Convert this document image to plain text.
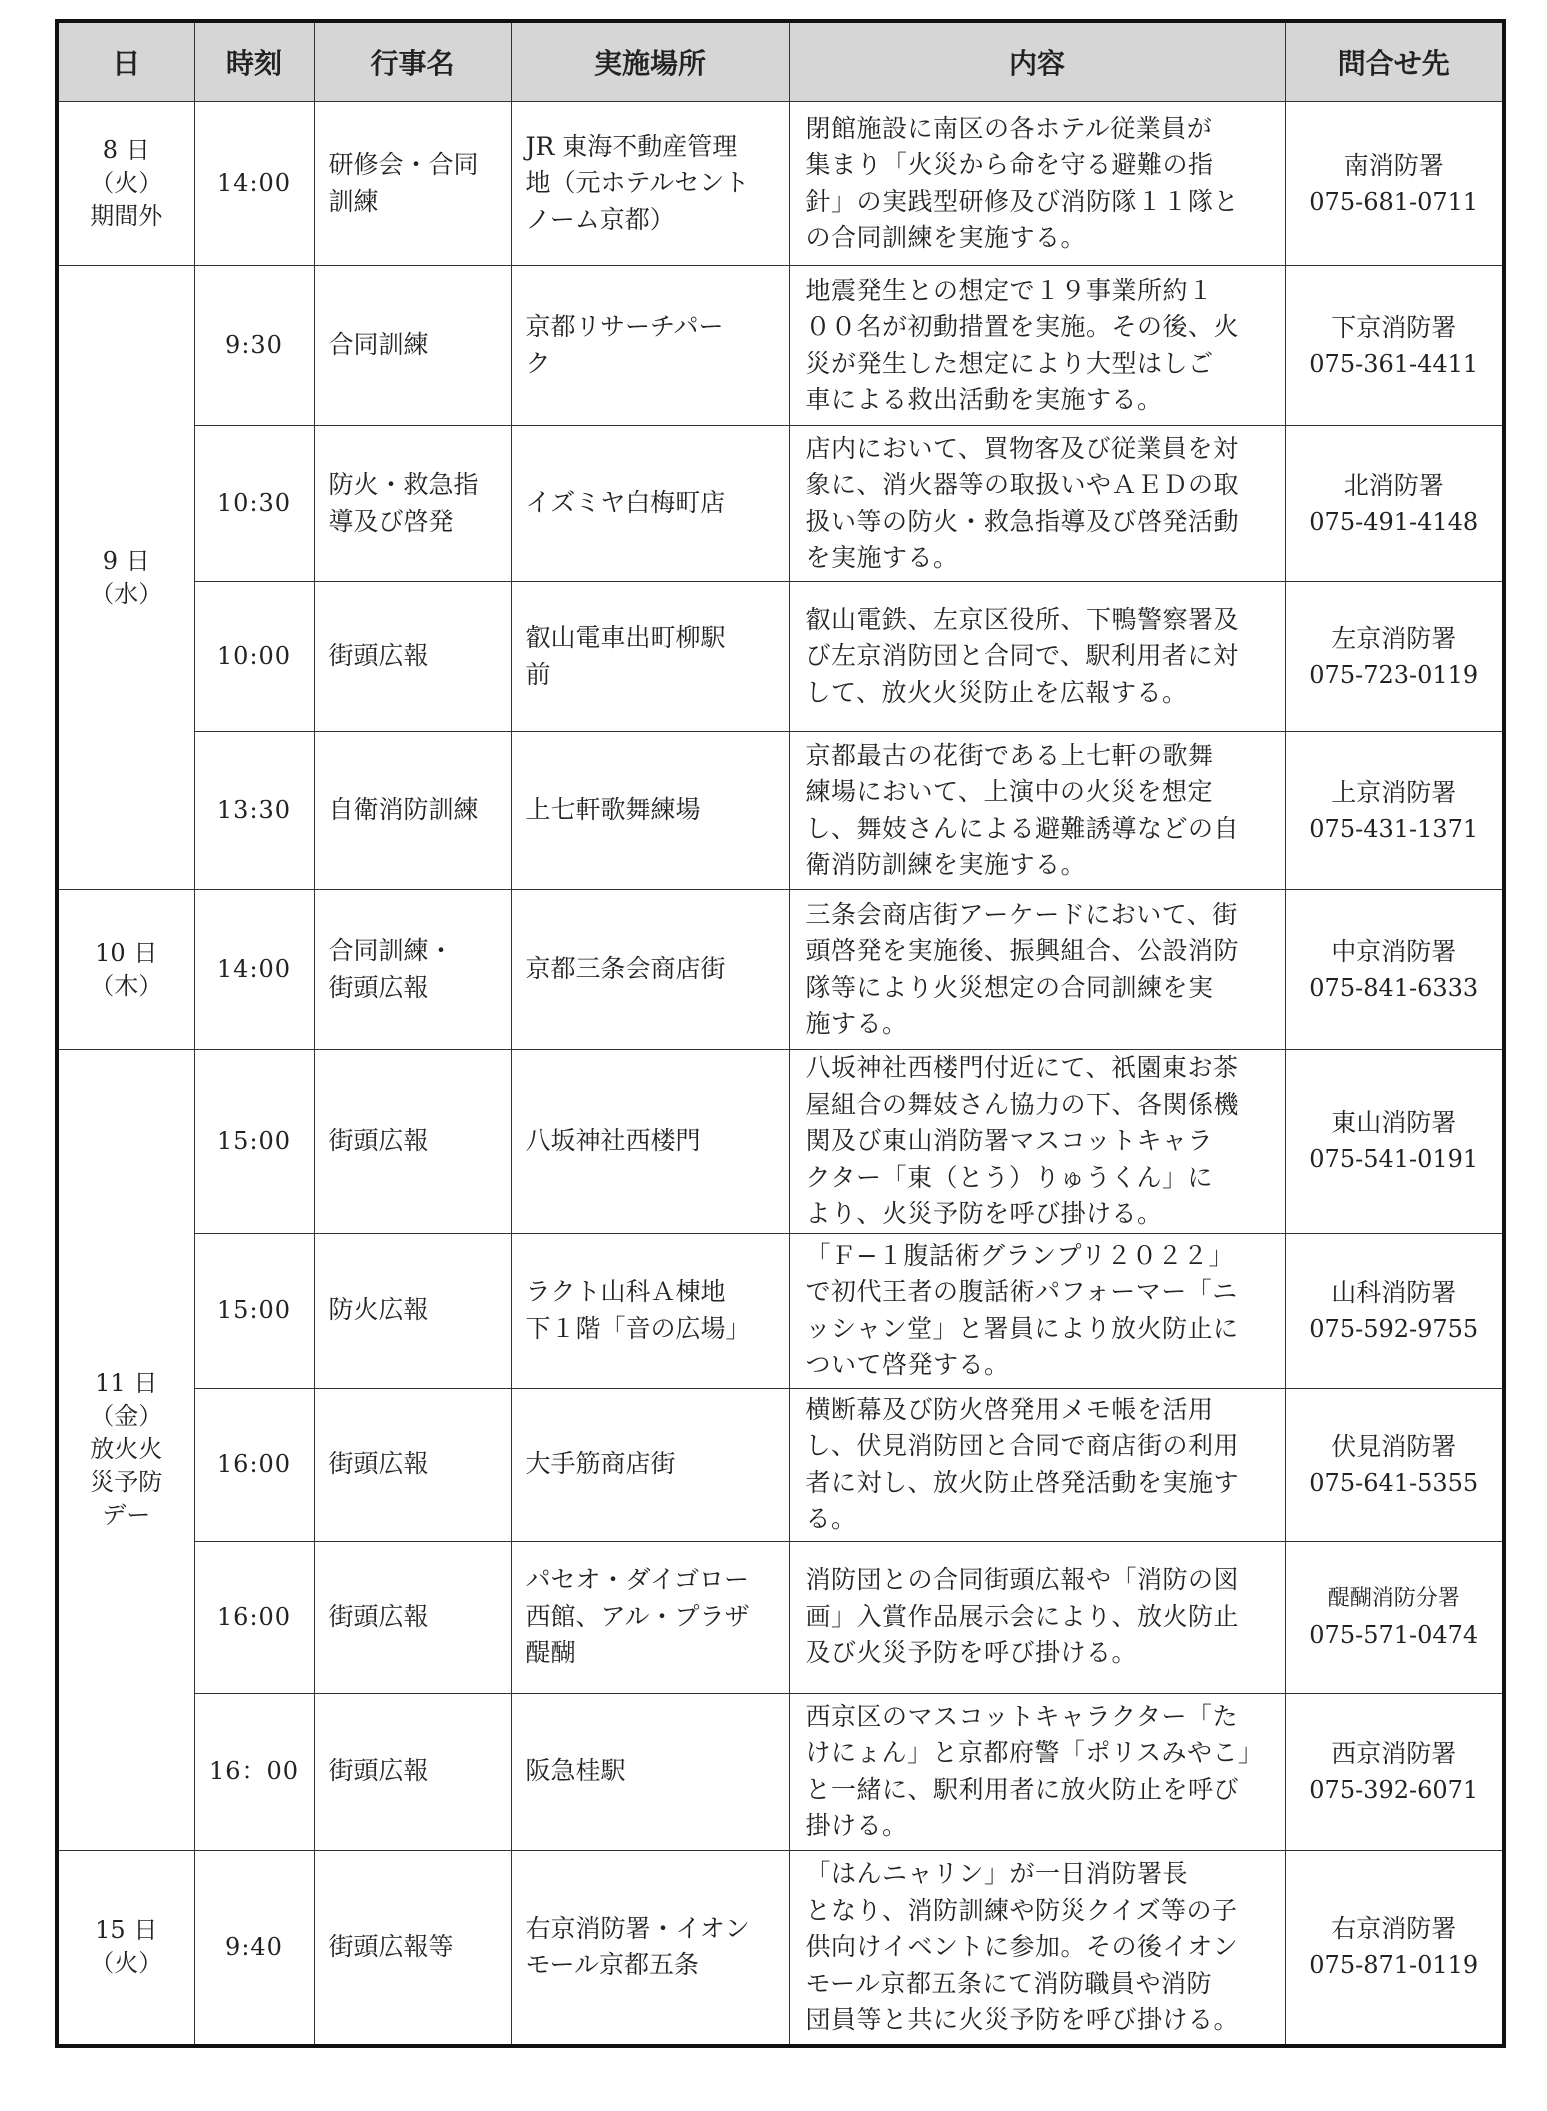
日	時刻	行事名	実施場所	内容	問合せ先

8 日
（火）
期間外	14:00	研修会・合同
訓練	JR 東海不動産管理
地（元ホテルセント
ノーム京都）	閉館施設に南区の各ホテル従業員が
集まり「火災から命を守る避難の指
針」の実践型研修及び消防隊１１隊と
の合同訓練を実施する。	南消防署
075-681-0711

9 日
（水）	9:30	合同訓練	京都リサーチパー
ク	地震発生との想定で１９事業所約１
００名が初動措置を実施。その後、火
災が発生した想定により大型はしご
車による救出活動を実施する。	下京消防署
075-361-4411

	10:30	防火・救急指
導及び啓発	イズミヤ白梅町店	店内において、買物客及び従業員を対
象に、消火器等の取扱いやＡＥＤの取
扱い等の防火・救急指導及び啓発活動
を実施する。	北消防署
075-491-4148

	10:00	街頭広報	叡山電車出町柳駅
前	叡山電鉄、左京区役所、下鴨警察署及
び左京消防団と合同で、駅利用者に対
して、放火火災防止を広報する。	左京消防署
075-723-0119

	13:30	自衛消防訓練	上七軒歌舞練場	京都最古の花街である上七軒の歌舞
練場において、上演中の火災を想定
し、舞妓さんによる避難誘導などの自
衛消防訓練を実施する。	上京消防署
075-431-1371

10 日
（木）	14:00	合同訓練・
街頭広報	京都三条会商店街	三条会商店街アーケードにおいて、街
頭啓発を実施後、振興組合、公設消防
隊等により火災想定の合同訓練を実
施する。	中京消防署
075-841-6333

11 日
（金）
放火火
災予防
デー	15:00	街頭広報	八坂神社西楼門	八坂神社西楼門付近にて、祇園東お茶
屋組合の舞妓さん協力の下、各関係機
関及び東山消防署マスコットキャラ
クター「東（とう）りゅうくん」に
より、火災予防を呼び掛ける。	東山消防署
075-541-0191

	15:00	防火広報	ラクト山科Ａ棟地
下１階「音の広場」	「Ｆ−１腹話術グランプリ２０２２」
で初代王者の腹話術パフォーマー「ニ
ッシャン堂」と署員により放火防止に
ついて啓発する。	山科消防署
075-592-9755

	16:00	街頭広報	大手筋商店街	横断幕及び防火啓発用メモ帳を活用
し、伏見消防団と合同で商店街の利用
者に対し、放火防止啓発活動を実施す
る。	伏見消防署
075-641-5355

	16:00	街頭広報	パセオ・ダイゴロー
西館、アル・プラザ
醍醐	消防団との合同街頭広報や「消防の図
画」入賞作品展示会により、放火防止
及び火災予防を呼び掛ける。	醍醐消防分署
075-571-0474

	16：00	街頭広報	阪急桂駅	西京区のマスコットキャラクター「た
けにょん」と京都府警「ポリスみやこ」
と一緒に、駅利用者に放火防止を呼び
掛ける。	西京消防署
075-392-6071

15 日
（火）	9:40	街頭広報等	右京消防署・イオン
モール京都五条	「はんニャリン」が一日消防署長
となり、消防訓練や防災クイズ等の子
供向けイベントに参加。その後イオン
モール京都五条にて消防職員や消防
団員等と共に火災予防を呼び掛ける。	右京消防署
075-871-0119
